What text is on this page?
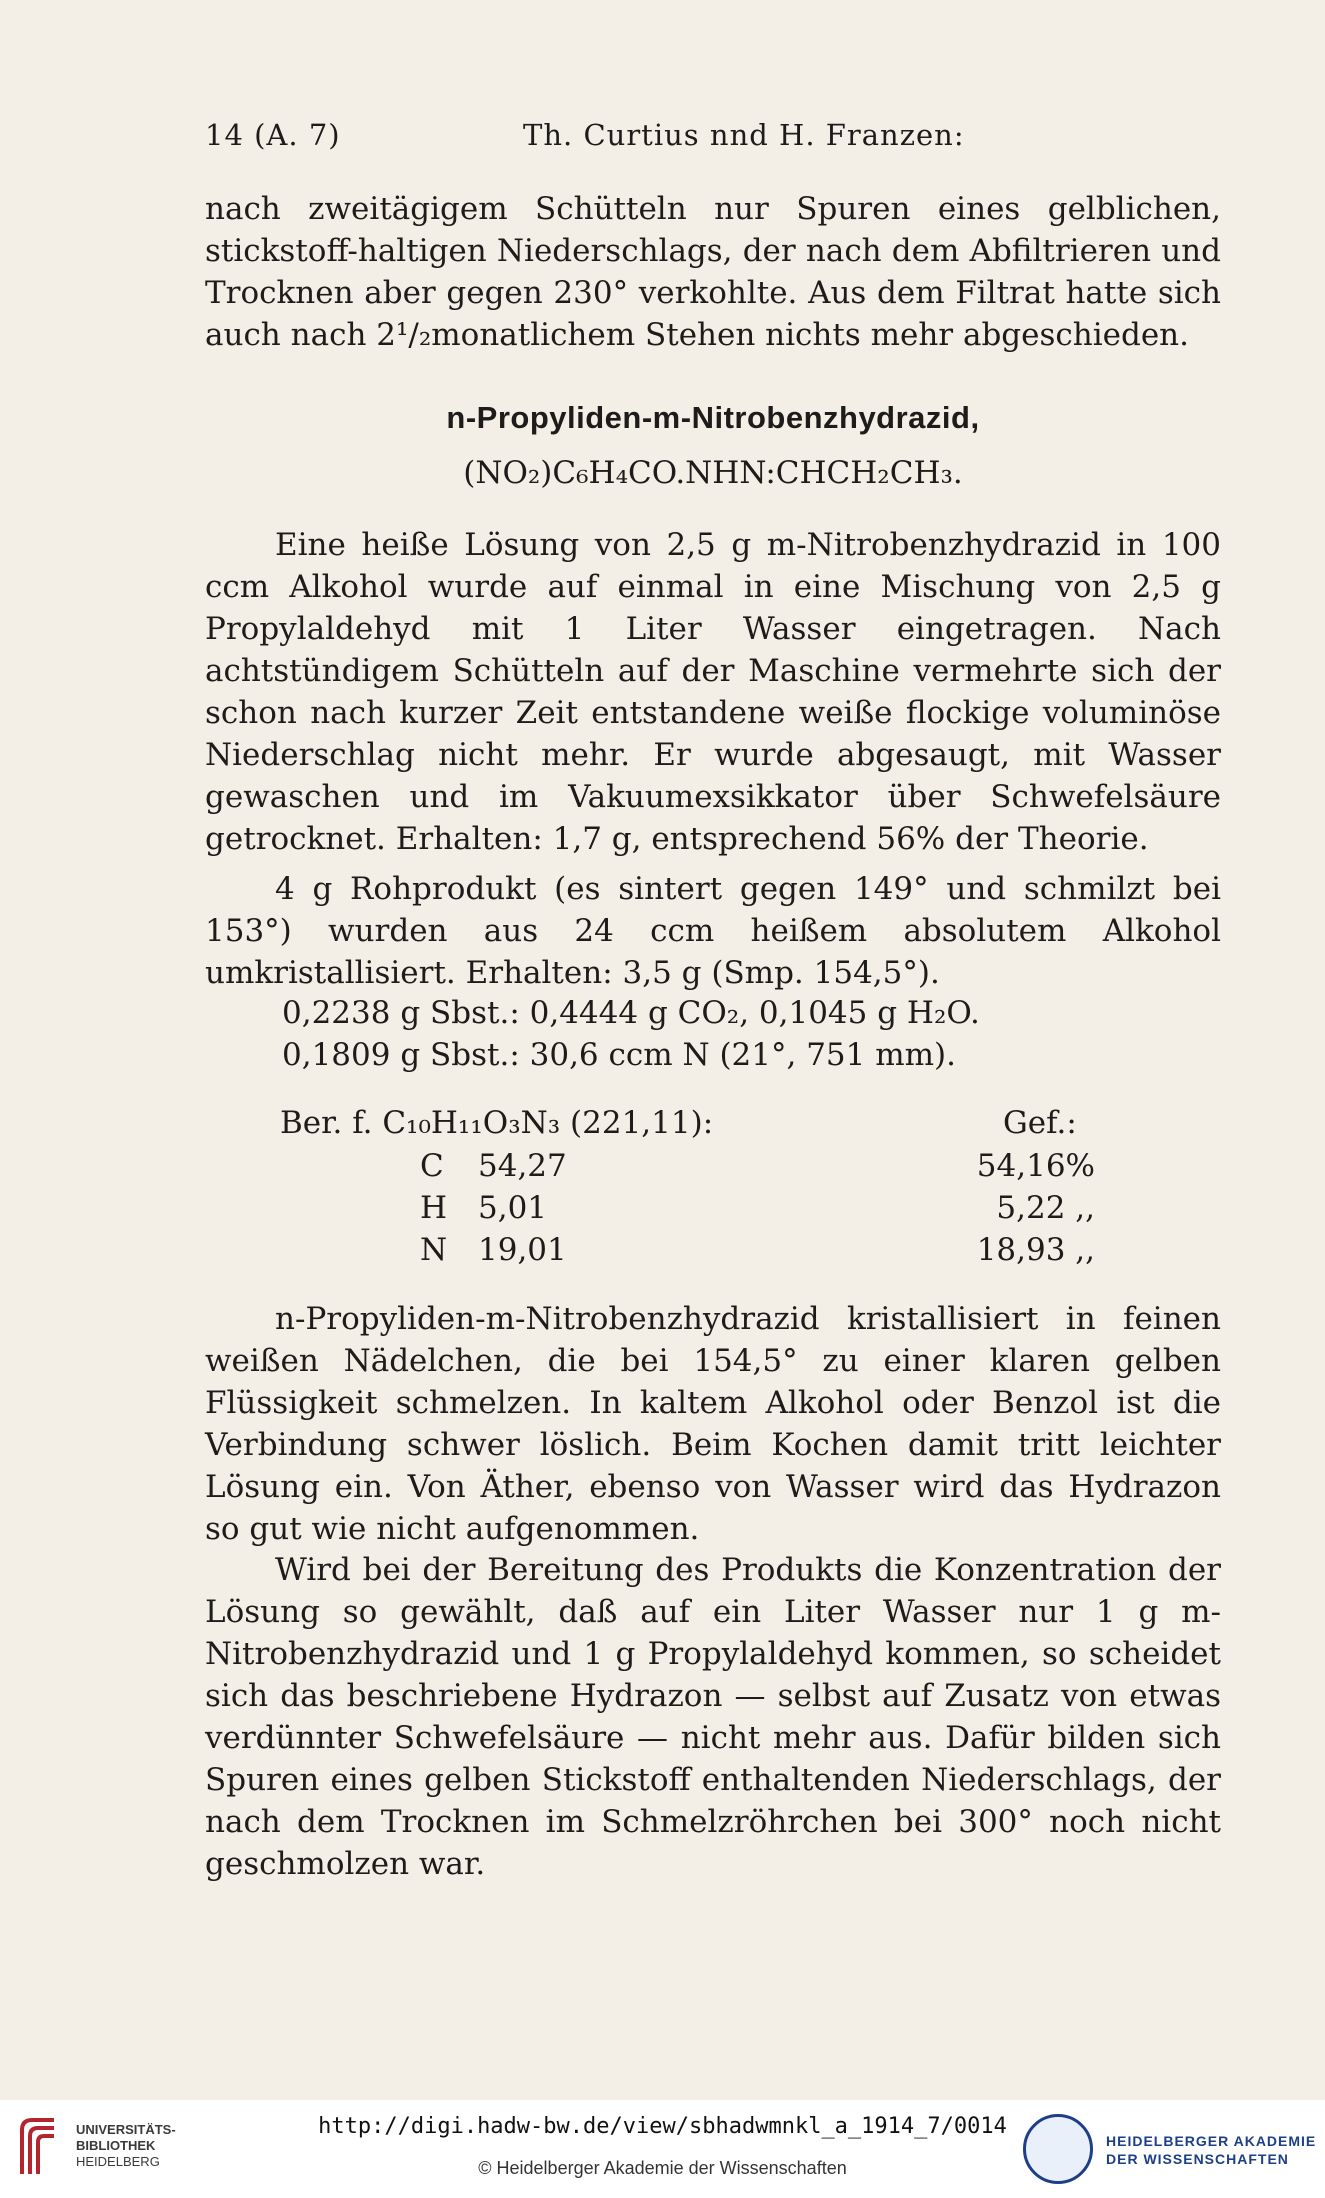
14 (A. 7)	Th. Curtius nnd H. Franzen:
nach zweitägigem Schütteln nur Spuren eines gelblichen, stickstoff-haltigen Niederschlags, der nach dem Abfiltrieren und Trocknen aber gegen 230° verkohlte. Aus dem Filtrat hatte sich auch nach 2¹/₂monatlichem Stehen nichts mehr abgeschieden.
n-Propyliden-m-Nitrobenzhydrazid,
(NO₂)C₆H₄CO.NHN:CHCH₂CH₃.
Eine heiße Lösung von 2,5 g m-Nitrobenzhydrazid in 100 ccm Alkohol wurde auf einmal in eine Mischung von 2,5 g Propylaldehyd mit 1 Liter Wasser eingetragen. Nach achtstündigem Schütteln auf der Maschine vermehrte sich der schon nach kurzer Zeit entstandene weiße flockige voluminöse Niederschlag nicht mehr. Er wurde abgesaugt, mit Wasser gewaschen und im Vakuumexsikkator über Schwefelsäure getrocknet. Erhalten: 1,7 g, entsprechend 56% der Theorie.
4 g Rohprodukt (es sintert gegen 149° und schmilzt bei 153°) wurden aus 24 ccm heißem absolutem Alkohol umkristallisiert. Erhalten: 3,5 g (Smp. 154,5°).
0,2238 g Sbst.: 0,4444 g CO₂, 0,1045 g H₂O.
0,1809 g Sbst.: 30,6 ccm N (21°, 751 mm).
Ber. f. C₁₀H₁₁O₃N₃ (221,11):	Gef.:
C 54,27	54,16%
H 5,01	5,22 ,,
N 19,01	18,93 ,,
n-Propyliden-m-Nitrobenzhydrazid kristallisiert in feinen weißen Nädelchen, die bei 154,5° zu einer klaren gelben Flüssigkeit schmelzen. In kaltem Alkohol oder Benzol ist die Verbindung schwer löslich. Beim Kochen damit tritt leichter Lösung ein. Von Äther, ebenso von Wasser wird das Hydrazon so gut wie nicht aufgenommen.
Wird bei der Bereitung des Produkts die Konzentration der Lösung so gewählt, daß auf ein Liter Wasser nur 1 g m-Nitrobenzhydrazid und 1 g Propylaldehyd kommen, so scheidet sich das beschriebene Hydrazon — selbst auf Zusatz von etwas verdünnter Schwefelsäure — nicht mehr aus. Dafür bilden sich Spuren eines gelben Stickstoff enthaltenden Niederschlags, der nach dem Trocknen im Schmelzröhrchen bei 300° noch nicht geschmolzen war.
UNIVERSITÄTS-
BIBLIOTHEK
HEIDELBERG
http://digi.hadw-bw.de/view/sbhadwmnkl_a_1914_7/0014
© Heidelberger Akademie der Wissenschaften
HEIDELBERGER AKADEMIE
DER WISSENSCHAFTEN
